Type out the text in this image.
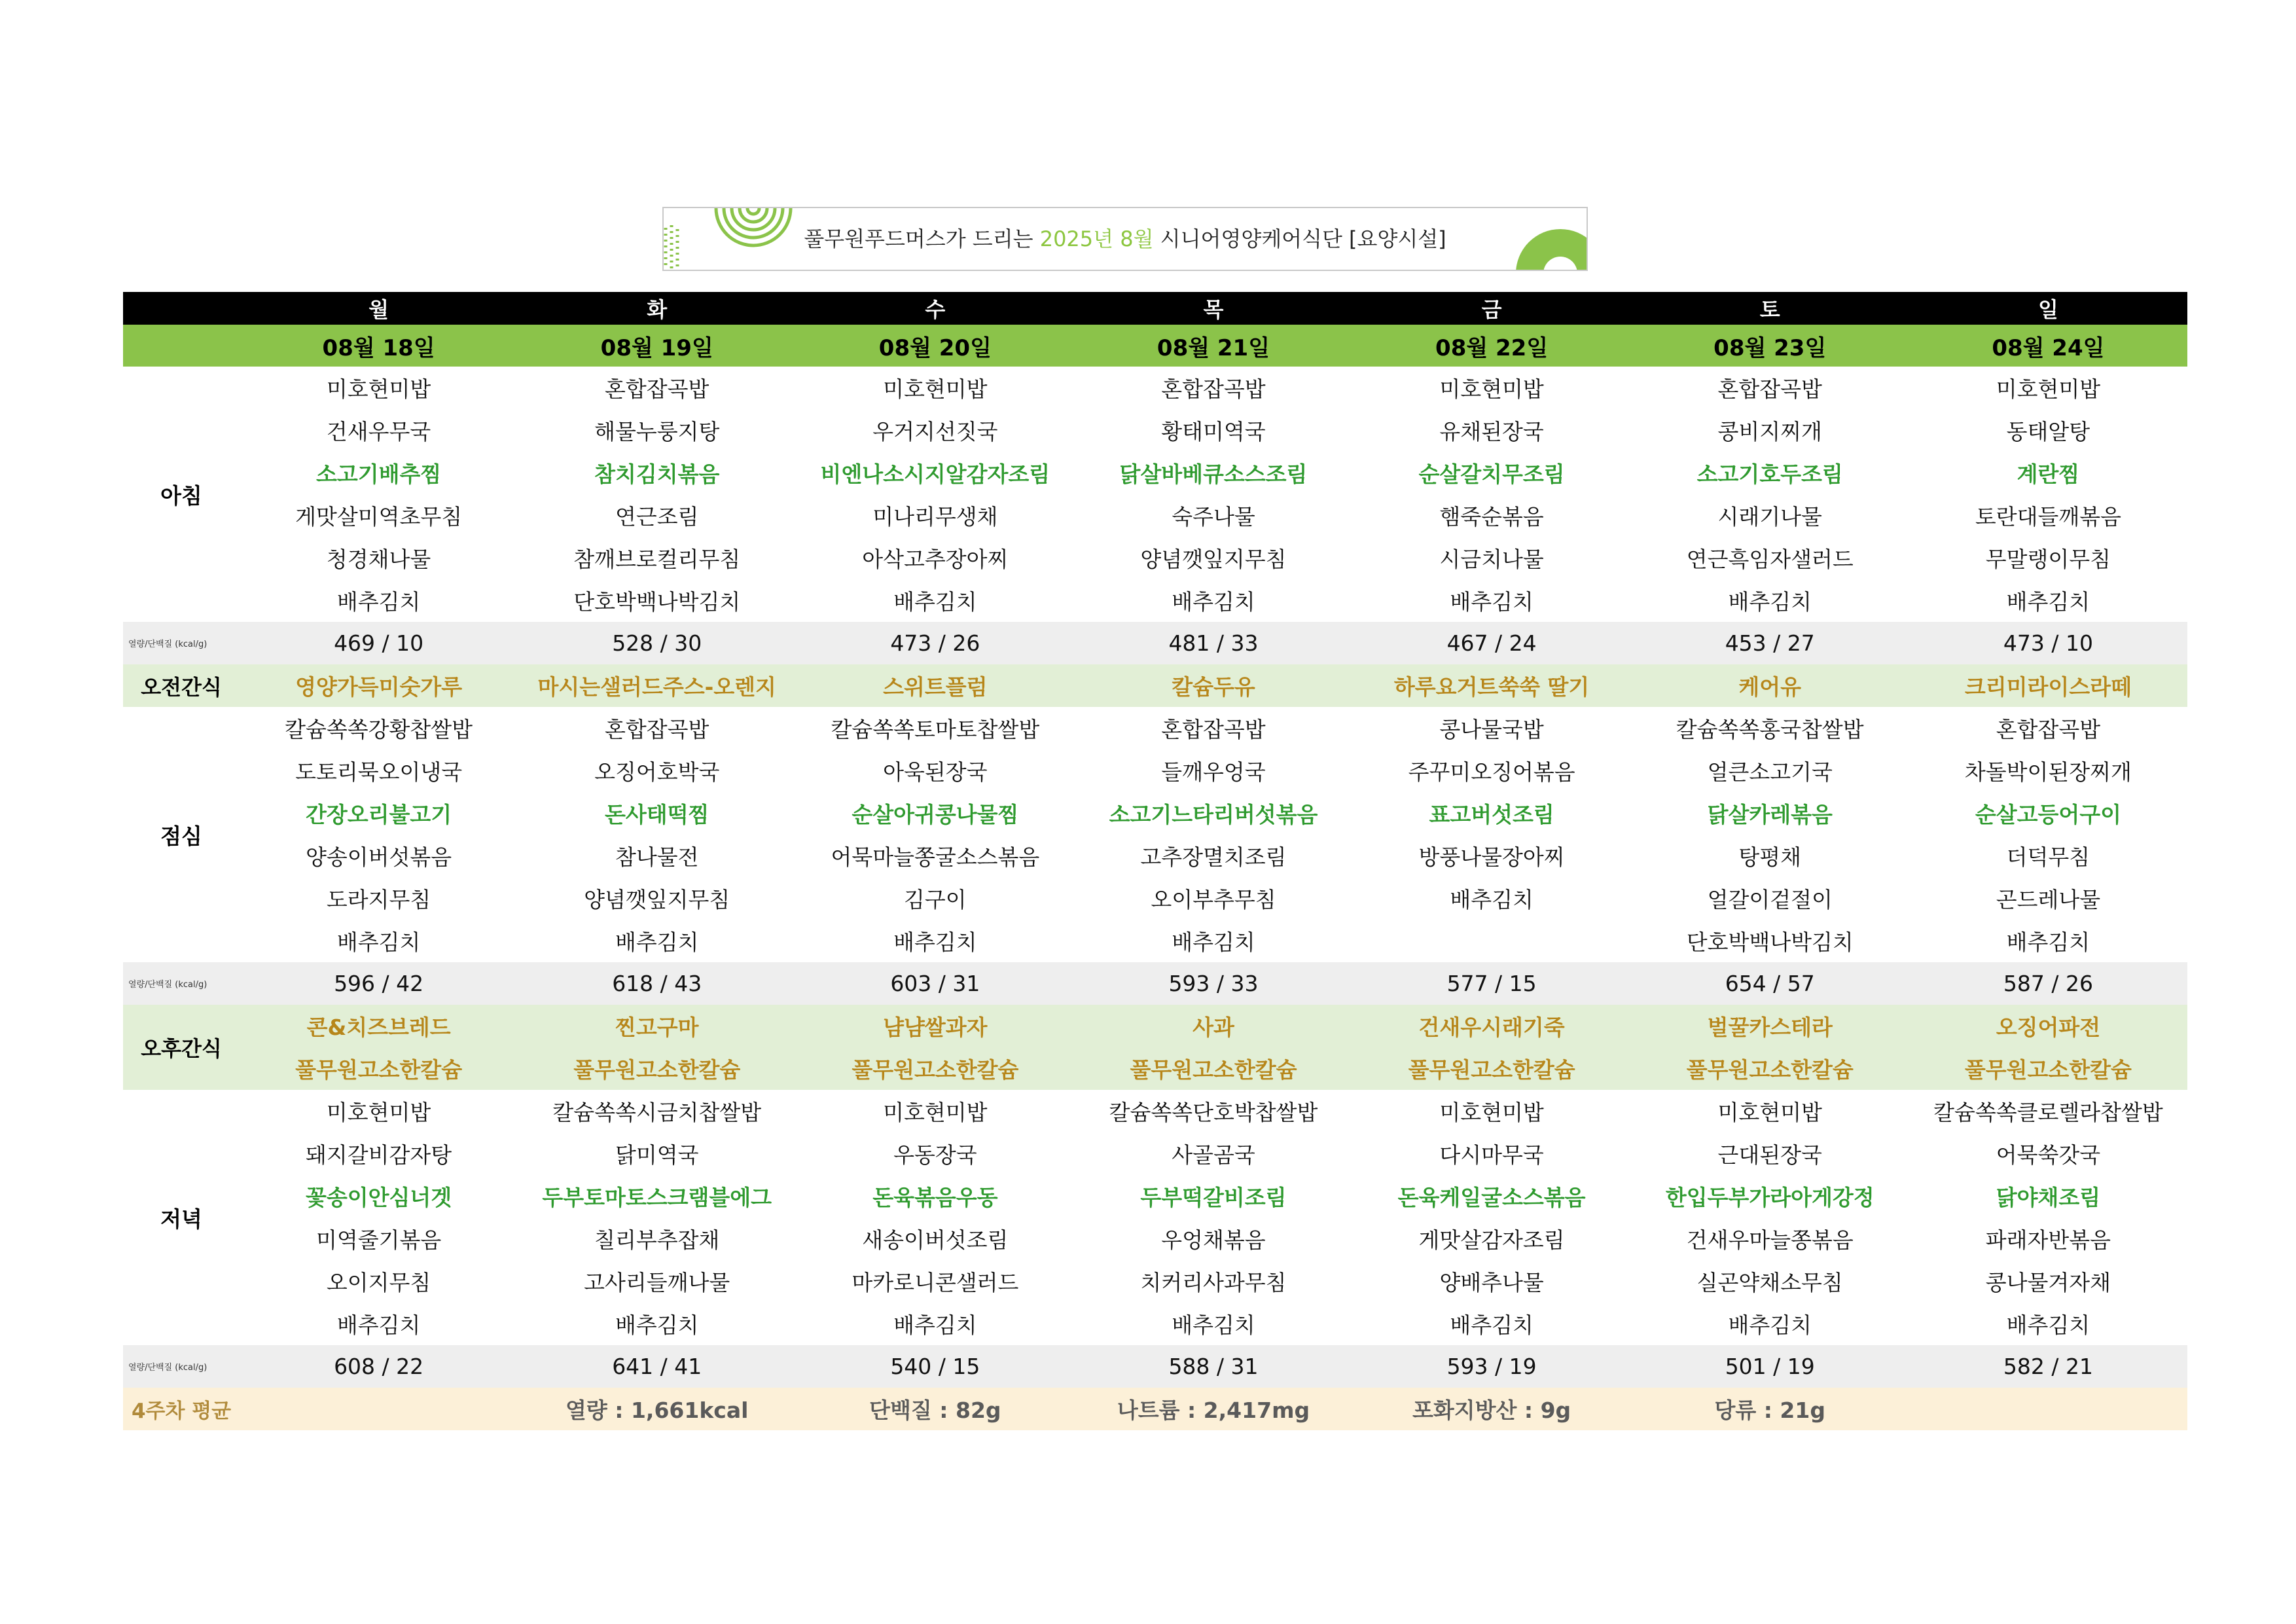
풀무원푸드머스가 드리는 2025년 8월 시니어영양케어식단 [요양시설]
	월	화	수	목	금	토	일
	08월 18일	08월 19일	08월 20일	08월 21일	08월 22일	08월 23일	08월 24일
아침	미호현미밥	혼합잡곡밥	미호현미밥	혼합잡곡밥	미호현미밥	혼합잡곡밥	미호현미밥
	건새우무국	해물누룽지탕	우거지선짓국	황태미역국	유채된장국	콩비지찌개	동태알탕
	소고기배추찜	참치김치볶음	비엔나소시지알감자조림	닭살바베큐소스조림	순살갈치무조림	소고기호두조림	계란찜
	게맛살미역초무침	연근조림	미나리무생채	숙주나물	햄죽순볶음	시래기나물	토란대들깨볶음
	청경채나물	참깨브로컬리무침	아삭고추장아찌	양념깻잎지무침	시금치나물	연근흑임자샐러드	무말랭이무침
	배추김치	단호박백나박김치	배추김치	배추김치	배추김치	배추김치	배추김치
열량/단백질 (kcal/g)	469 / 10	528 / 30	473 / 26	481 / 33	467 / 24	453 / 27	473 / 10
오전간식	영양가득미숫가루	마시는샐러드주스-오렌지	스위트플럼	칼슘두유	하루요거트쑥쑥 딸기	케어유	크리미라이스라떼
점심	칼슘쏙쏙강황찹쌀밥	혼합잡곡밥	칼슘쏙쏙토마토찹쌀밥	혼합잡곡밥	콩나물국밥	칼슘쏙쏙홍국찹쌀밥	혼합잡곡밥
	도토리묵오이냉국	오징어호박국	아욱된장국	들깨우엉국	주꾸미오징어볶음	얼큰소고기국	차돌박이된장찌개
	간장오리불고기	돈사태떡찜	순살아귀콩나물찜	소고기느타리버섯볶음	표고버섯조림	닭살카레볶음	순살고등어구이
	양송이버섯볶음	참나물전	어묵마늘쫑굴소스볶음	고추장멸치조림	방풍나물장아찌	탕평채	더덕무침
	도라지무침	양념깻잎지무침	김구이	오이부추무침	배추김치	얼갈이겉절이	곤드레나물
	배추김치	배추김치	배추김치	배추김치		단호박백나박김치	배추김치
열량/단백질 (kcal/g)	596 / 42	618 / 43	603 / 31	593 / 33	577 / 15	654 / 57	587 / 26
오후간식	콘&치즈브레드	찐고구마	냠냠쌀과자	사과	건새우시래기죽	벌꿀카스테라	오징어파전
	풀무원고소한칼슘	풀무원고소한칼슘	풀무원고소한칼슘	풀무원고소한칼슘	풀무원고소한칼슘	풀무원고소한칼슘	풀무원고소한칼슘
저녁	미호현미밥	칼슘쏙쏙시금치찹쌀밥	미호현미밥	칼슘쏙쏙단호박찹쌀밥	미호현미밥	미호현미밥	칼슘쏙쏙클로렐라찹쌀밥
	돼지갈비감자탕	닭미역국	우동장국	사골곰국	다시마무국	근대된장국	어묵쑥갓국
	꽃송이안심너겟	두부토마토스크램블에그	돈육볶음우동	두부떡갈비조림	돈육케일굴소스볶음	한입두부가라아게강정	닭야채조림
	미역줄기볶음	칠리부추잡채	새송이버섯조림	우엉채볶음	게맛살감자조림	건새우마늘쫑볶음	파래자반볶음
	오이지무침	고사리들깨나물	마카로니콘샐러드	치커리사과무침	양배추나물	실곤약채소무침	콩나물겨자채
	배추김치	배추김치	배추김치	배추김치	배추김치	배추김치	배추김치
열량/단백질 (kcal/g)	608 / 22	641 / 41	540 / 15	588 / 31	593 / 19	501 / 19	582 / 21
4주차 평균		열량 : 1,661kcal	단백질 : 82g	나트륨 : 2,417mg	포화지방산 : 9g	당류 : 21g	
